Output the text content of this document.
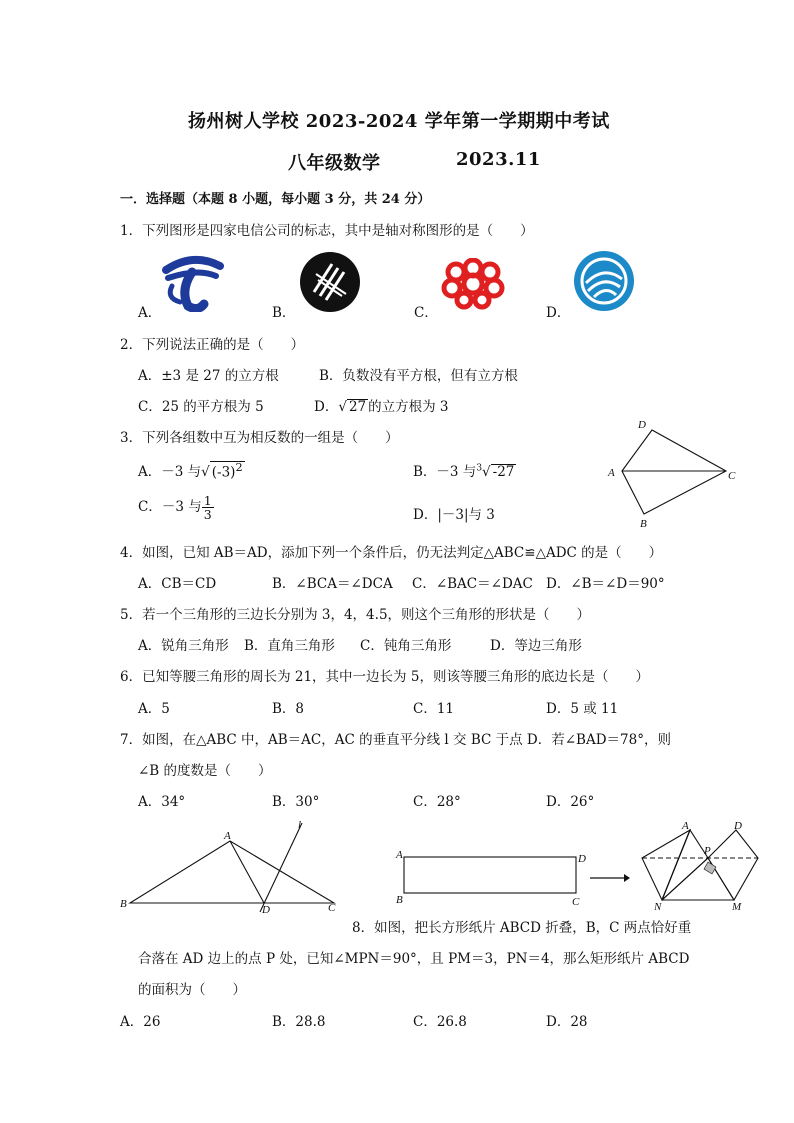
扬州树人学校 2023-2024 学年第一学期期中考试
八年级数学	2023.11
一．选择题（本题 8 小题，每小题 3 分，共 24 分）
1．下列图形是四家电信公司的标志，其中是轴对称图形的是（　　）
A．	B．	C．	D．
2．下列说法正确的是（　　）
A．±3 是 27 的立方根	B．负数没有平方根，但有立方根
C．25 的平方根为 5	D．√ 27 的立方根为 3
3．下列各组数中互为相反数的一组是（　　）
A．－3 与√ $(-3)^2$	B．－3 与$^3$√ -27
C．－3 与 $\frac{1}{3}$	D．|－3|与 3
D
A	C
B
4．如图，已知 AB＝AD，添加下列一个条件后，仍无法判定△ABC≌△ADC 的是（　　）
A．CB＝CD	B．∠BCA＝∠DCA C．∠BAC＝∠DAC D．∠B＝∠D＝90°
5．若一个三角形的三边长分别为 3，4，4.5，则这个三角形的形状是（　　）
A．锐角三角形 B．直角三角形 C．钝角三角形	D．等边三角形
6．已知等腰三角形的周长为 21，其中一边长为 5，则该等腰三角形的底边长是（　　）
A．5	B．8	C．11	D．5 或 11
7．如图，在△ABC 中，AB＝AC，AC 的垂直平分线 l 交 BC 于点 D．若∠BAD＝78°，则
∠B 的度数是（　　）
A．34°	B．30°	C．28°	D．26°
A
B	C
D
l
A
B
D
C
A	D
P
N	M
8．如图，把长方形纸片 ABCD 折叠，B，C 两点恰好重
合落在 AD 边上的点 P 处，已知∠MPN＝90°，且 PM＝3，PN＝4，那么矩形纸片 ABCD
的面积为（　　）
A．26	B．28.8	C．26.8	D．28
